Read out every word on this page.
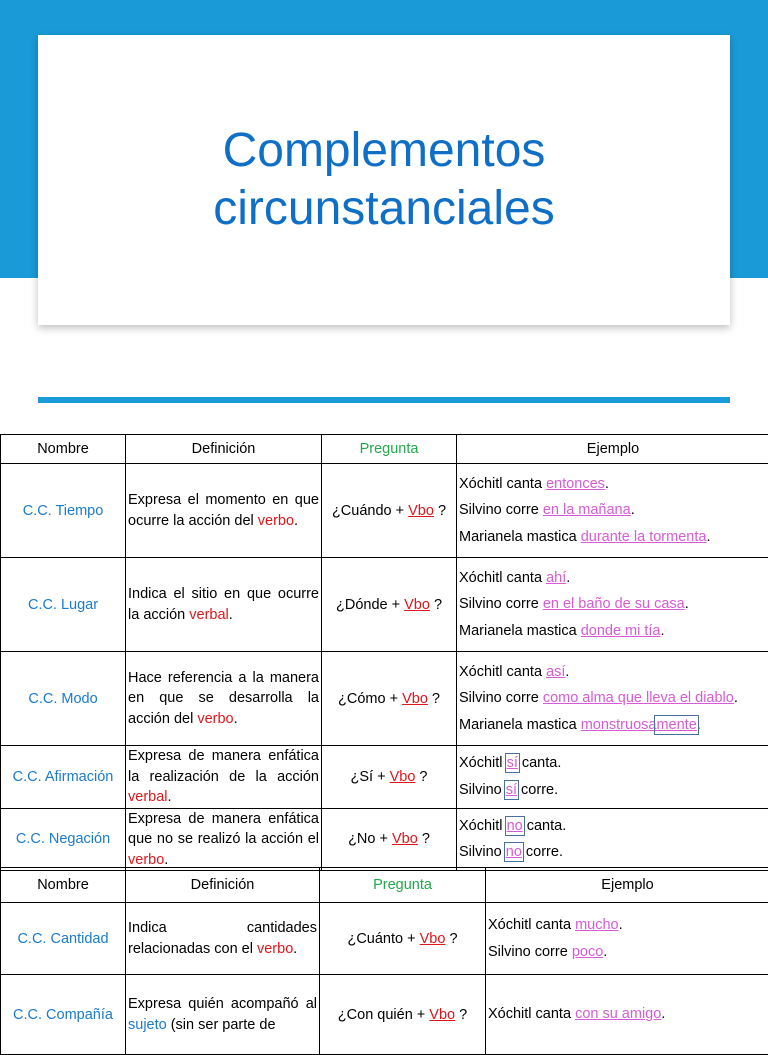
Complementos
circunstanciales
Nombre	Definición	Pregunta	Ejemplo
C.C. Tiempo	Expresa el momento en que ocurre la acción del verbo.	¿Cuándo + Vbo ?	Xóchitl canta entonces.
Silvino corre en la mañana.
Marianela mastica durante la tormenta.

C.C. Lugar	Indica el sitio en que ocurre la acción verbal.	¿Dónde + Vbo ?	Xóchitl canta ahí.
Silvino corre en el baño de su casa.
Marianela mastica donde mi tía.

C.C. Modo	Hace referencia a la manera en que se desarrolla la acción del verbo.	¿Cómo + Vbo ?	Xóchitl canta así.
Silvino corre como alma que lleva el diablo.
Marianela mastica monstruosamente.

C.C. Afirmación	Expresa de manera enfática la realización de la acción verbal.	¿Sí + Vbo ?	Xóchitl sí canta.
Silvino sí corre.

C.C. Negación	Expresa de manera enfática que no se realizó la acción el verbo.	¿No + Vbo ?	Xóchitl no canta.
Silvino no corre.
Nombre	Definición	Pregunta	Ejemplo
C.C. Cantidad	Indica cantidades relacionadas con el verbo.	¿Cuánto + Vbo ?	Xóchitl canta mucho.
Silvino corre poco.

C.C. Compañía	Expresa quién acompañó al sujeto (sin ser parte de	¿Con quién + Vbo ?	Xóchitl canta con su amigo.
